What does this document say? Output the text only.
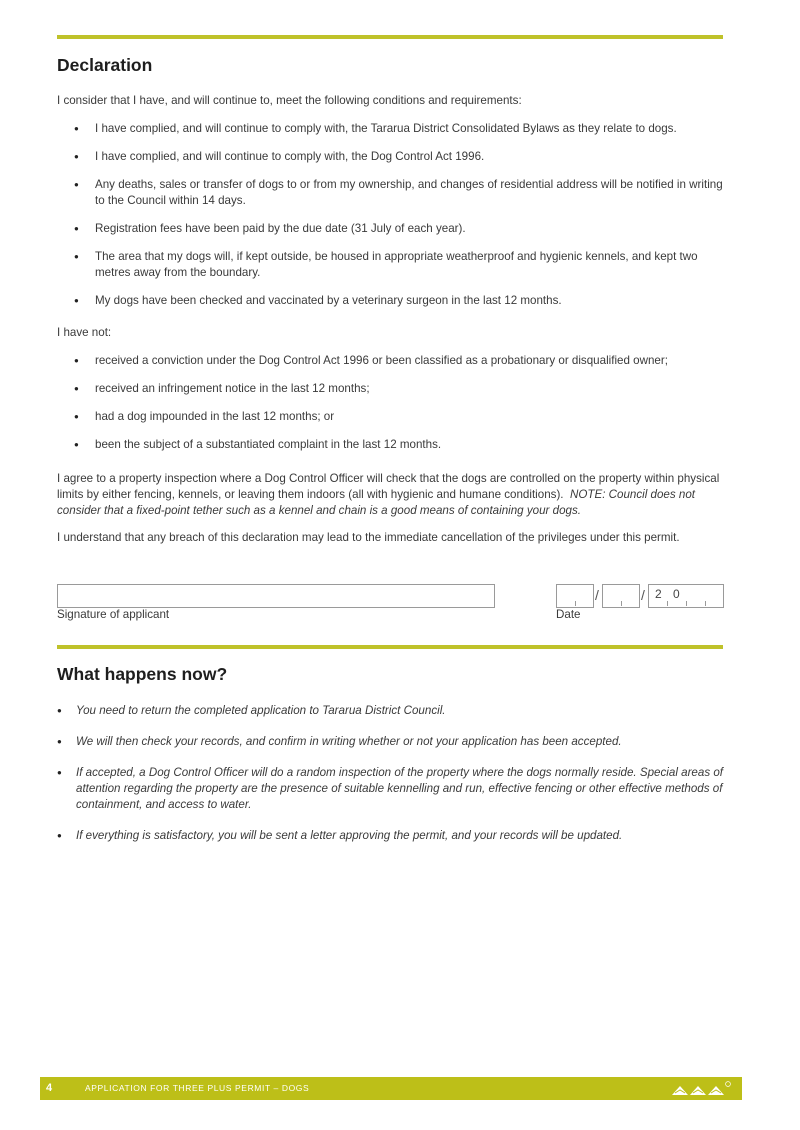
Declaration

I consider that I have, and will continue to, meet the following conditions and requirements:

● I have complied, and will continue to comply with, the Tararua District Consolidated Bylaws as they relate to dogs.
● I have complied, and will continue to comply with, the Dog Control Act 1996.
● Any deaths, sales or transfer of dogs to or from my ownership, and changes of residential address will be notified in writing to the Council within 14 days.
● Registration fees have been paid by the due date (31 July of each year).
● The area that my dogs will, if kept outside, be housed in appropriate weatherproof and hygienic kennels, and kept two metres away from the boundary.
● My dogs have been checked and vaccinated by a veterinary surgeon in the last 12 months.

I have not:

● received a conviction under the Dog Control Act 1996 or been classified as a probationary or disqualified owner;
● received an infringement notice in the last 12 months;
● had a dog impounded in the last 12 months; or
● been the subject of a substantiated complaint in the last 12 months.

I agree to a property inspection where a Dog Control Officer will check that the dogs are controlled on the property within physical limits by either fencing, kennels, or leaving them indoors (all with hygienic and humane conditions). NOTE: Council does not consider that a fixed-point tether such as a kennel and chain is a good means of containing your dogs.

I understand that any breach of this declaration may lead to the immediate cancellation of the privileges under this permit.

Signature of applicant
/	/ 2 0
Date
What happens now?
● You need to return the completed application to Tararua District Council.
● We will then check your records, and confirm in writing whether or not your application has been accepted.
● If accepted, a Dog Control Officer will do a random inspection of the property where the dogs normally reside. Special areas of attention regarding the property are the presence of suitable kennelling and run, effective fencing or other effective methods of containment, and access to water.
● If everything is satisfactory, you will be sent a letter approving the permit, and your records will be updated.
4	APPLICATION FOR THREE PLUS PERMIT – DOGS
